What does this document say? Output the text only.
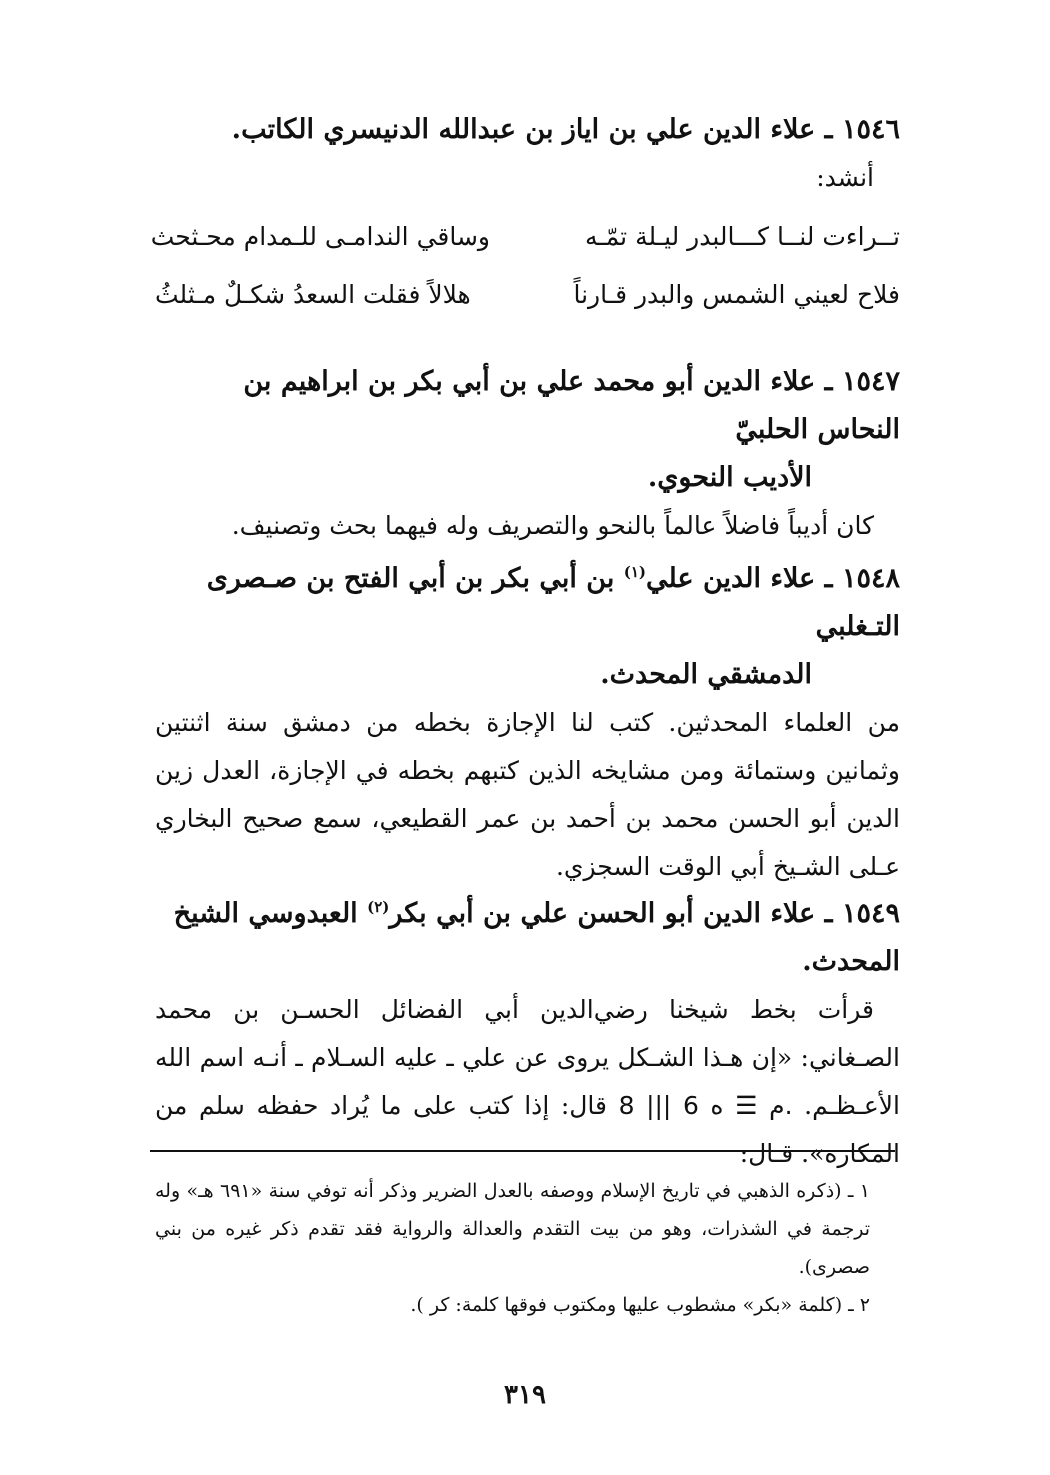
١٥٤٦ ـ علاء الدين علي بن اياز بن عبدالله الدنيسري الكاتب.

أنشد:

تــراءت لنــا كـــالبدر ليـلة تمّـه
وساقي الندامـى للـمدام محـثحث
فلاح لعيني الشمس والبدر قـارناً
هلالاً فقلت السعدُ شكـلٌ مـثلثُ

١٥٤٧ ـ علاء الدين أبو محمد علي بن أبي بكر بن ابراهيم بن النحاس الحلبيّ
الأديب النحوي.

كان أديباً فاضلاً عالماً بالنحو والتصريف وله فيهما بحث وتصنيف.

١٥٤٨ ـ علاء الدين علي$^{(١)}$ بن أبي بكر بن أبي الفتح بن صـصرى التـغلبي
الدمشقي المحدث.

من العلماء المحدثين. كتب لنا الإجازة بخطه من دمشق سنة اثنتين وثمانين وستمائة ومن مشايخه الذين كتبهم بخطه في الإجازة، العدل زين الدين أبو الحسن محمد بن أحمد بن عمر القطيعي، سمع صحيح البخاري عـلى الشـيخ أبي الوقت السجزي.

١٥٤٩ ـ علاء الدين أبو الحسن علي بن أبي بكر$^{(٢)}$ العبدوسي الشيخ المحدث.

قرأت بخط شيخنا رضي‌الدين أبي الفضائل الحسـن بن محمد الصـغاني: «إن هـذا الشـكل يروى عن علي ـ عليه السـلام ـ أنـه اسم الله الأعـظـم. 8 ||| م ☰ ه 6. قال: إذا كتب على ما يُراد حفظه سلم من المكاره». قـال:

١ ـ (ذكره الذهبي في تاريخ الإسلام ووصفه بالعدل الضرير وذكر أنه توفي سنة «٦٩١ هـ» وله ترجمة في الشذرات، وهو من بيت التقدم والعدالة والرواية فقد تقدم ذكر غيره من بني صصرى).

٢ ـ (كلمة «بكر» مشطوب عليها ومكتوب فوقها كلمة: كر ).

٣١٩
